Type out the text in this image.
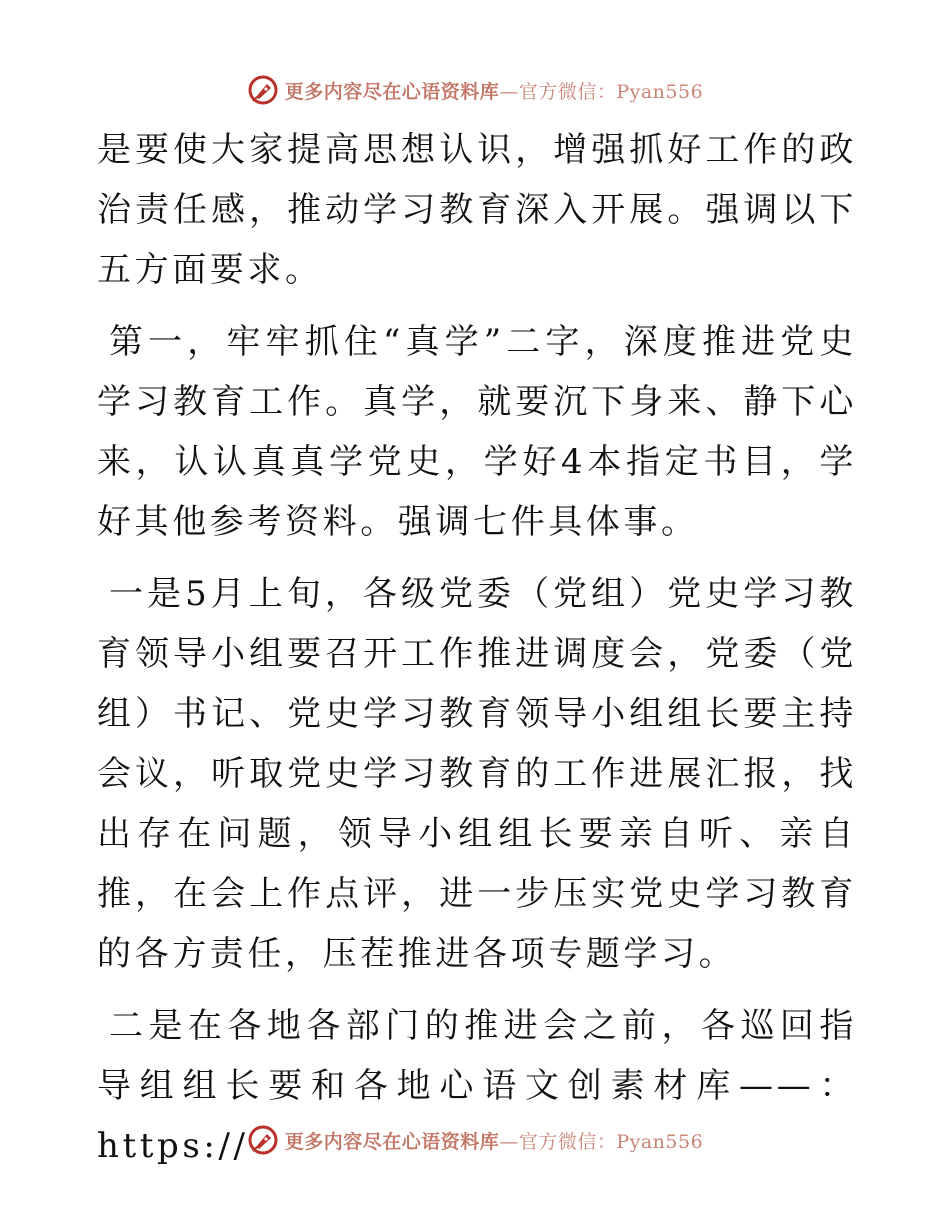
更多内容尽在心语资料库—官方微信：Pyan556

是要使大家提高思想认识，增强抓好工作的政治责任感，推动学习教育深入开展。强调以下五方面要求。

第一，牢牢抓住“真学”二字，深度推进党史学习教育工作。真学，就要沉下身来、静下心来，认认真真学党史，学好4本指定书目，学好其他参考资料。强调七件具体事。

一是5月上旬，各级党委（党组）党史学习教育领导小组要召开工作推进调度会，党委（党组）书记、党史学习教育领导小组组长要主持会议，听取党史学习教育的工作进展汇报，找出存在问题，领导小组组长要亲自听、亲自推，在会上作点评，进一步压实党史学习教育的各方责任，压茬推进各项专题学习。

二是在各地各部门的推进会之前，各巡回指导组组长要和各地心语文创素材库——：https://	更多内容尽在心语资料库—官方微信：Pyan556
